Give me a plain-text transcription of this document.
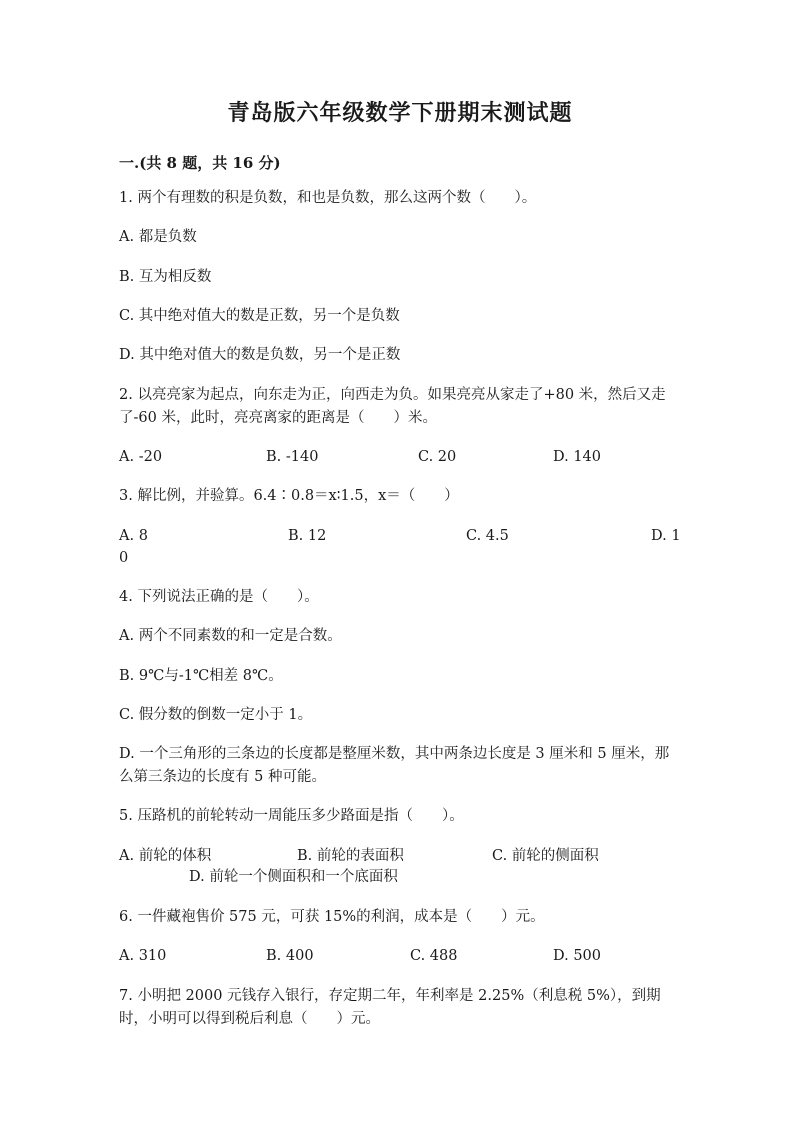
青岛版六年级数学下册期末测试题
一.(共 8 题，共 16 分)
1. 两个有理数的积是负数，和也是负数，那么这两个数（　　）。
A. 都是负数
B. 互为相反数
C. 其中绝对值大的数是正数，另一个是负数
D. 其中绝对值大的数是负数，另一个是正数
2. 以亮亮家为起点，向东走为正，向西走为负。如果亮亮从家走了+80 米，然后又走了-60 米，此时，亮亮离家的距离是（　　）米。
A. -20	B. -140	C. 20	D. 140
3. 解比例，并验算。6.4∶0.8＝x∶1.5，x＝（　　）
A. 8	B. 12	C. 4.5	D. 1
0
4. 下列说法正确的是（　　）。
A. 两个不同素数的和一定是合数。
B. 9℃与-1℃相差 8℃。
C. 假分数的倒数一定小于 1。
D. 一个三角形的三条边的长度都是整厘米数，其中两条边长度是 3 厘米和 5 厘米，那么第三条边的长度有 5 种可能。
5. 压路机的前轮转动一周能压多少路面是指（　　）。
A. 前轮的体积	B. 前轮的表面积	C. 前轮的侧面积
D. 前轮一个侧面积和一个底面积
6. 一件藏袍售价 575 元，可获 15%的利润，成本是（　　）元。
A. 310	B. 400	C. 488	D. 500
7. 小明把 2000 元钱存入银行，存定期二年，年利率是 2.25%（利息税 5%），到期时，小明可以得到税后利息（　　）元。
